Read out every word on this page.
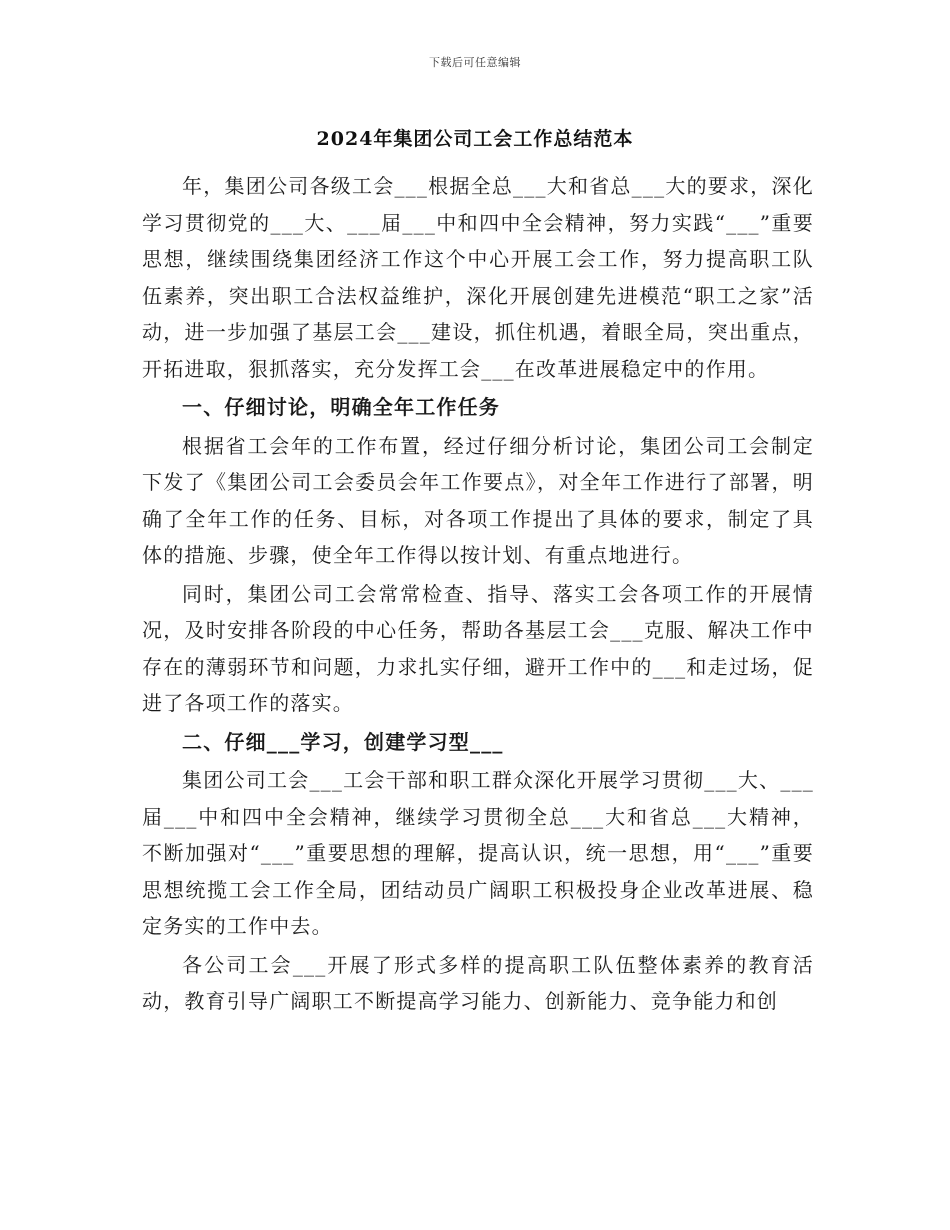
下载后可任意编辑
2024年集团公司工会工作总结范本

年，集团公司各级工会___根据全总___大和省总___大的要求，深化学习贯彻党的___大、___届___中和四中全会精神，努力实践“___”重要思想，继续围绕集团经济工作这个中心开展工会工作，努力提高职工队伍素养，突出职工合法权益维护，深化开展创建先进模范“职工之家”活动，进一步加强了基层工会___建设，抓住机遇，着眼全局，突出重点，开拓进取，狠抓落实，充分发挥工会___在改革进展稳定中的作用。

一、仔细讨论，明确全年工作任务

根据省工会年的工作布置，经过仔细分析讨论，集团公司工会制定下发了《集团公司工会委员会年工作要点》，对全年工作进行了部署，明确了全年工作的任务、目标，对各项工作提出了具体的要求，制定了具体的措施、步骤，使全年工作得以按计划、有重点地进行。

同时，集团公司工会常常检查、指导、落实工会各项工作的开展情况，及时安排各阶段的中心任务，帮助各基层工会___克服、解决工作中存在的薄弱环节和问题，力求扎实仔细，避开工作中的___和走过场，促进了各项工作的落实。

二、仔细___学习，创建学习型___

集团公司工会___工会干部和职工群众深化开展学习贯彻___大、___届___中和四中全会精神，继续学习贯彻全总___大和省总___大精神，不断加强对“___”重要思想的理解，提高认识，统一思想，用“___”重要思想统揽工会工作全局，团结动员广阔职工积极投身企业改革进展、稳定务实的工作中去。

各公司工会___开展了形式多样的提高职工队伍整体素养的教育活动，教育引导广阔职工不断提高学习能力、创新能力、竞争能力和创
